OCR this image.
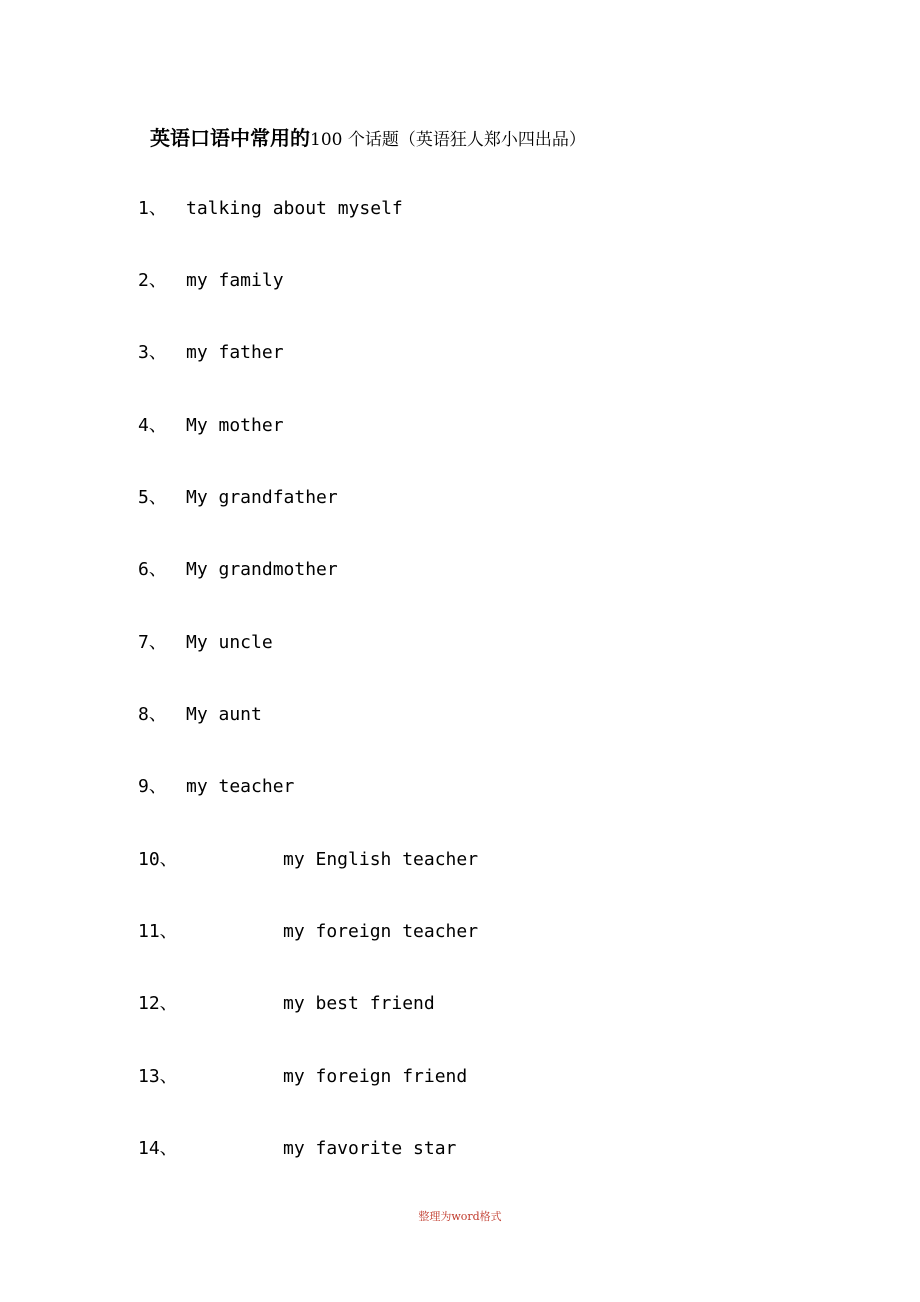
英语口语中常用的100 个话题（英语狂人郑小四出品）
1、 talking about myself
2、 my family
3、 my father
4、 My mother
5、 My grandfather
6、 My grandmother
7、 My uncle
8、 My aunt
9、 my teacher
10、	my English teacher
11、	my foreign teacher
12、	my best friend
13、	my foreign friend
14、	my favorite star
整理为word格式
